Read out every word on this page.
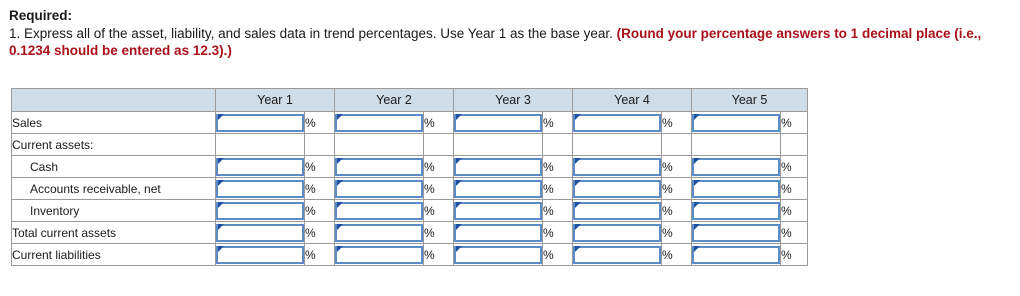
Required:
1. Express all of the asset, liability, and sales data in trend percentages. Use Year 1 as the base year. (Round your percentage answers to 1 decimal place (i.e., 0.1234 should be entered as 12.3).)
	Year 1		Year 2		Year 3		Year 4		Year 5	
Sales		%		%		%		%		%
Current assets:										
Cash		%		%		%		%		%
Accounts receivable, net		%		%		%		%		%
Inventory		%		%		%		%		%
Total current assets		%		%		%		%		%
Current liabilities		%		%		%		%		%
